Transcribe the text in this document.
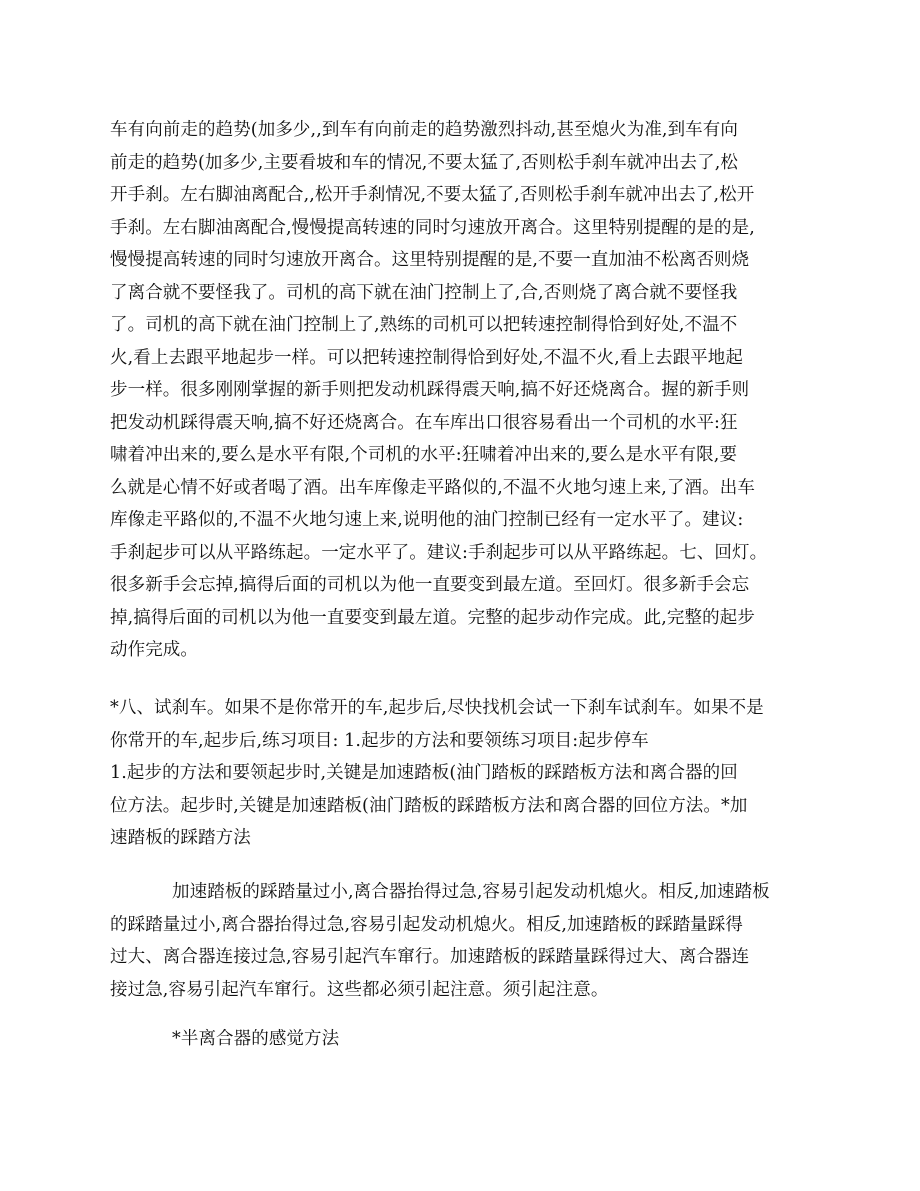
车有向前走的趋势(加多少,,到车有向前走的趋势激烈抖动,甚至熄火为准,到车有向
前走的趋势(加多少,主要看坡和车的情况,不要太猛了,否则松手刹车就冲出去了,松
开手刹。左右脚油离配合,,松开手刹情况,不要太猛了,否则松手刹车就冲出去了,松开
手刹。左右脚油离配合,慢慢提高转速的同时匀速放开离合。这里特别提醒的是的是,
慢慢提高转速的同时匀速放开离合。这里特别提醒的是,不要一直加油不松离否则烧
了离合就不要怪我了。司机的高下就在油门控制上了,合,否则烧了离合就不要怪我
了。司机的高下就在油门控制上了,熟练的司机可以把转速控制得恰到好处,不温不
火,看上去跟平地起步一样。可以把转速控制得恰到好处,不温不火,看上去跟平地起
步一样。很多刚刚掌握的新手则把发动机踩得震天响,搞不好还烧离合。握的新手则
把发动机踩得震天响,搞不好还烧离合。在车库出口很容易看出一个司机的水平:狂
啸着冲出来的,要么是水平有限,个司机的水平:狂啸着冲出来的,要么是水平有限,要
么就是心情不好或者喝了酒。出车库像走平路似的,不温不火地匀速上来,了酒。出车
库像走平路似的,不温不火地匀速上来,说明他的油门控制已经有一定水平了。建议:
手刹起步可以从平路练起。一定水平了。建议:手刹起步可以从平路练起。七、回灯。
很多新手会忘掉,搞得后面的司机以为他一直要变到最左道。至回灯。很多新手会忘
掉,搞得后面的司机以为他一直要变到最左道。完整的起步动作完成。此,完整的起步
动作完成。
*八、试刹车。如果不是你常开的车,起步后,尽快找机会试一下刹车试刹车。如果不是
你常开的车,起步后,练习项目: 1.起步的方法和要领练习项目:起步停车
1.起步的方法和要领起步时,关键是加速踏板(油门踏板的踩踏板方法和离合器的回
位方法。起步时,关键是加速踏板(油门踏板的踩踏板方法和离合器的回位方法。*加
速踏板的踩踏方法
加速踏板的踩踏量过小,离合器抬得过急,容易引起发动机熄火。相反,加速踏板
的踩踏量过小,离合器抬得过急,容易引起发动机熄火。相反,加速踏板的踩踏量踩得
过大、离合器连接过急,容易引起汽车窜行。加速踏板的踩踏量踩得过大、离合器连
接过急,容易引起汽车窜行。这些都必须引起注意。须引起注意。
*半离合器的感觉方法
